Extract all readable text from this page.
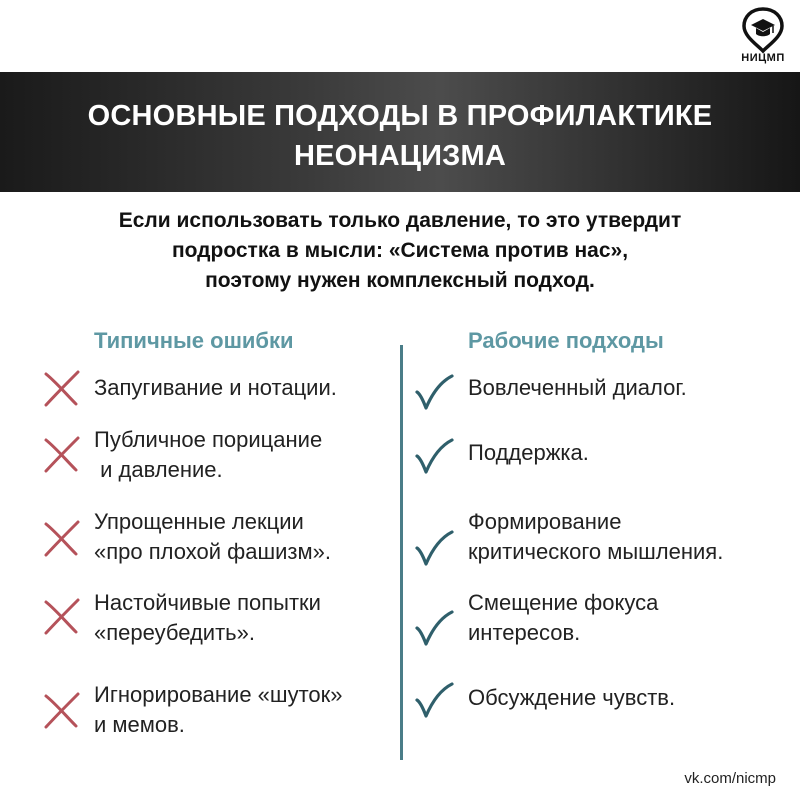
НИЦМП
ОСНОВНЫЕ ПОДХОДЫ В ПРОФИЛАКТИКЕ
НЕОНАЦИЗМА
Если использовать только давление, то это утвердит
подростка в мысли: «Система против нас»,
поэтому нужен комплексный подход.
Типичные ошибки	Рабочие подходы
Запугивание и нотации.
Публичное порицание
и давление.
Упрощенные лекции
«про плохой фашизм».
Настойчивые попытки
«переубедить».
Игнорирование «шуток»
и мемов.
Вовлеченный диалог.
Поддержка.
Формирование
критического мышления.
Смещение фокуса
интересов.
Обсуждение чувств.
vk.com/nicmp
